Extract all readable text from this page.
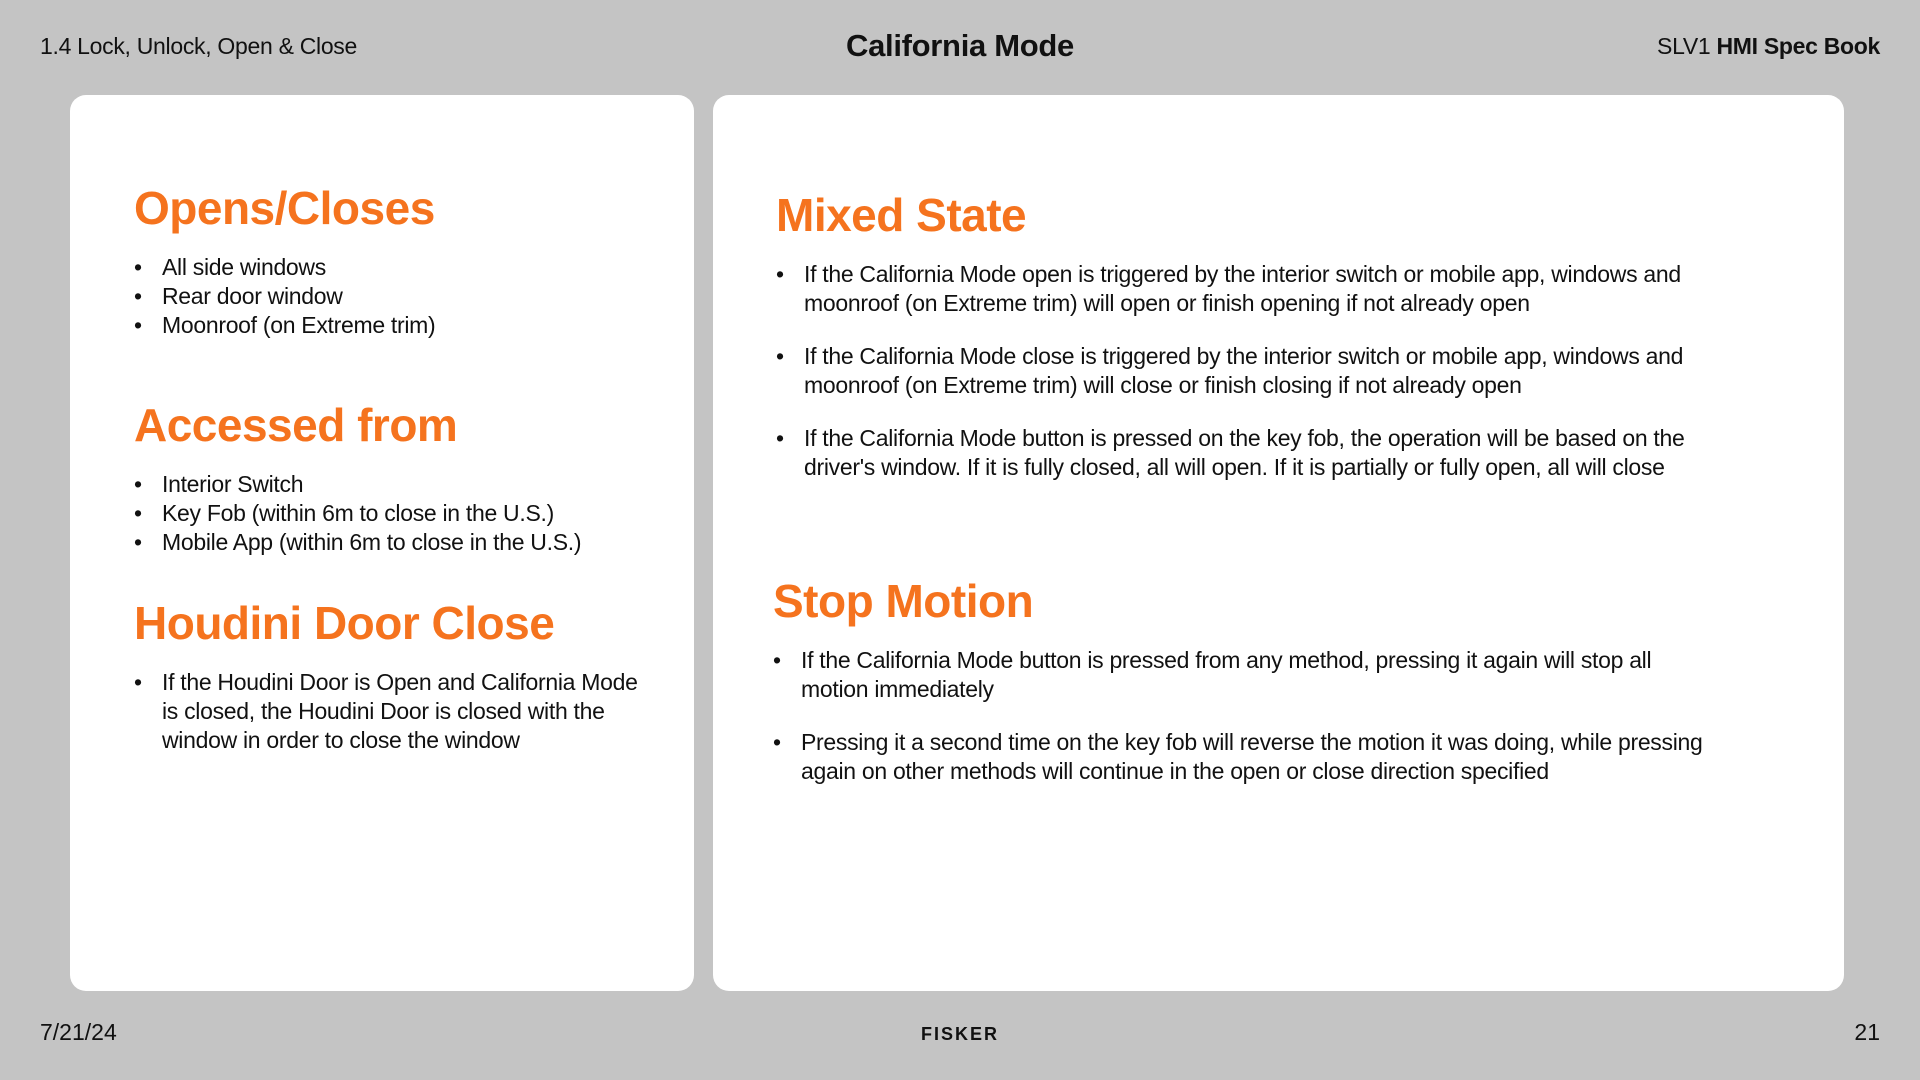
1.4 Lock, Unlock, Open & Close	California Mode	SLV1 HMI Spec Book
Opens/Closes
• All side windows
• Rear door window
• Moonroof (on Extreme trim)
Accessed from
• Interior Switch
• Key Fob (within 6m to close in the U.S.)
• Mobile App (within 6m to close in the U.S.)
Houdini Door Close
• If the Houdini Door is Open and California Mode is closed, the Houdini Door is closed with the window in order to close the window
Mixed State
• If the California Mode open is triggered by the interior switch or mobile app, windows and moonroof (on Extreme trim) will open or finish opening if not already open
• If the California Mode close is triggered by the interior switch or mobile app, windows and moonroof (on Extreme trim) will close or finish closing if not already open
• If the California Mode button is pressed on the key fob, the operation will be based on the driver's window. If it is fully closed, all will open. If it is partially or fully open, all will close
Stop Motion
• If the California Mode button is pressed from any method, pressing it again will stop all motion immediately
• Pressing it a second time on the key fob will reverse the motion it was doing, while pressing again on other methods will continue in the open or close direction specified
7/21/24	FISKER	21
